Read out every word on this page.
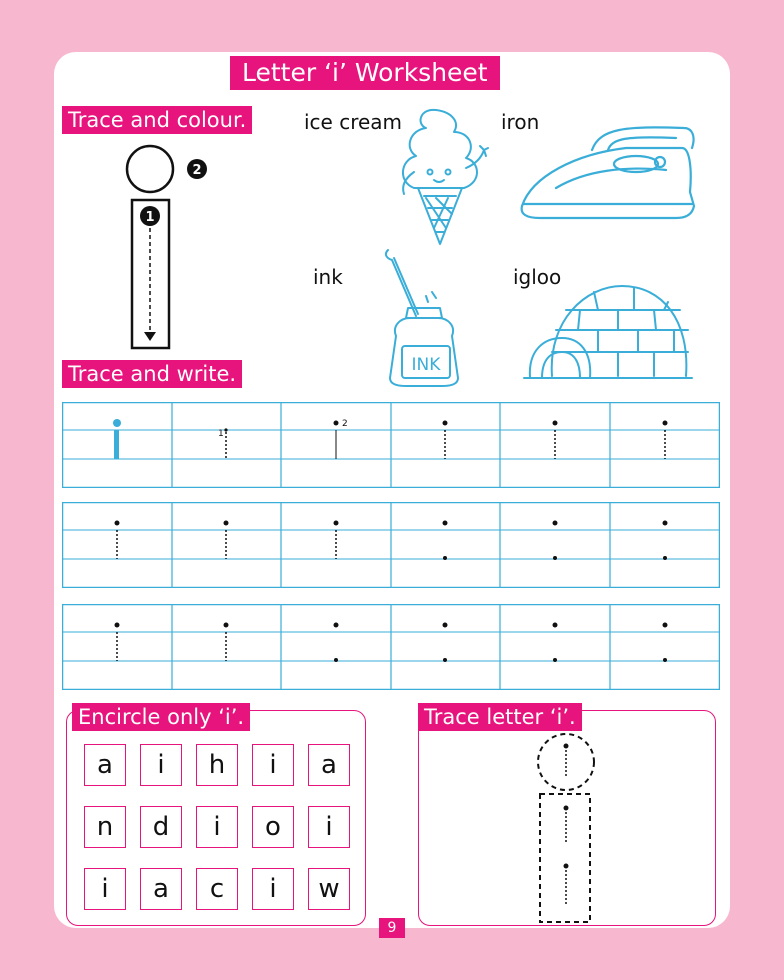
Letter ‘i’ Worksheet
Trace and colour.
2
1
ice cream	iron
ink	igloo
INK
Trace and write.
1
2
Encircle only ‘i’.
a	i	h	i	a
n	d	i	o	i
i	a	c	i	w
Trace letter ‘i’.
9
